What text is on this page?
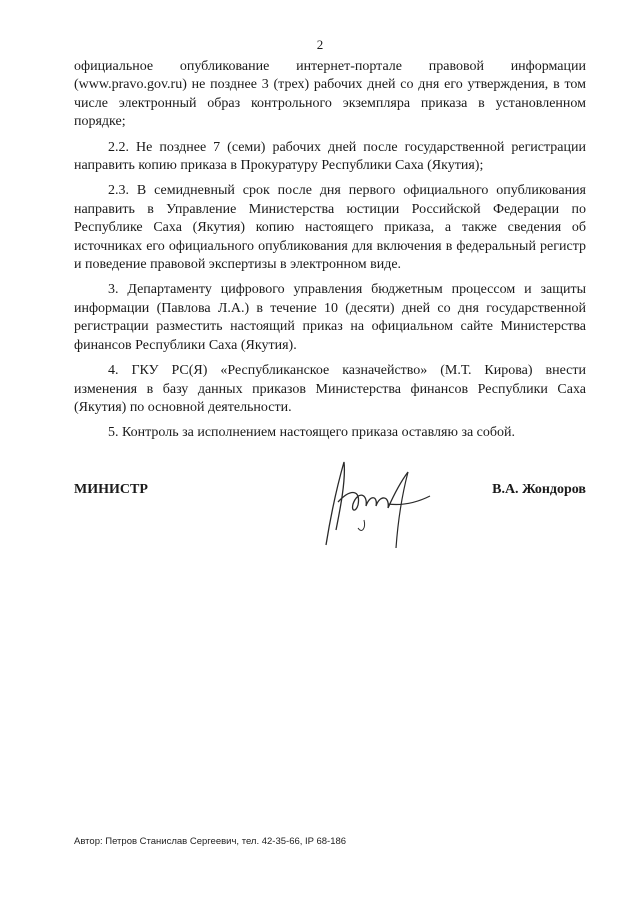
2

официальное опубликование интернет-портале правовой информации (www.pravo.gov.ru) не позднее 3 (трех) рабочих дней со дня его утверждения, в том числе электронный образ контрольного экземпляра приказа в установленном порядке;

2.2. Не позднее 7 (семи) рабочих дней после государственной регистрации направить копию приказа в Прокуратуру Республики Саха (Якутия);

2.3. В семидневный срок после дня первого официального опубликования направить в Управление Министерства юстиции Российской Федерации по Республике Саха (Якутия) копию настоящего приказа, а также сведения об источниках его официального опубликования для включения в федеральный регистр и поведение правовой экспертизы в электронном виде.

3. Департаменту цифрового управления бюджетным процессом и защиты информации (Павлова Л.А.) в течение 10 (десяти) дней со дня государственной регистрации разместить настоящий приказ на официальном сайте Министерства финансов Республики Саха (Якутия).

4. ГКУ РС(Я) «Республиканское казначейство» (М.Т. Кирова) внести изменения в базу данных приказов Министерства финансов Республики Саха (Якутия) по основной деятельности.

5. Контроль за исполнением настоящего приказа оставляю за собой.

МИНИСТР	В.А. Жондоров
Автор: Петров Станислав Сергеевич, тел. 42-35-66, IP 68-186
